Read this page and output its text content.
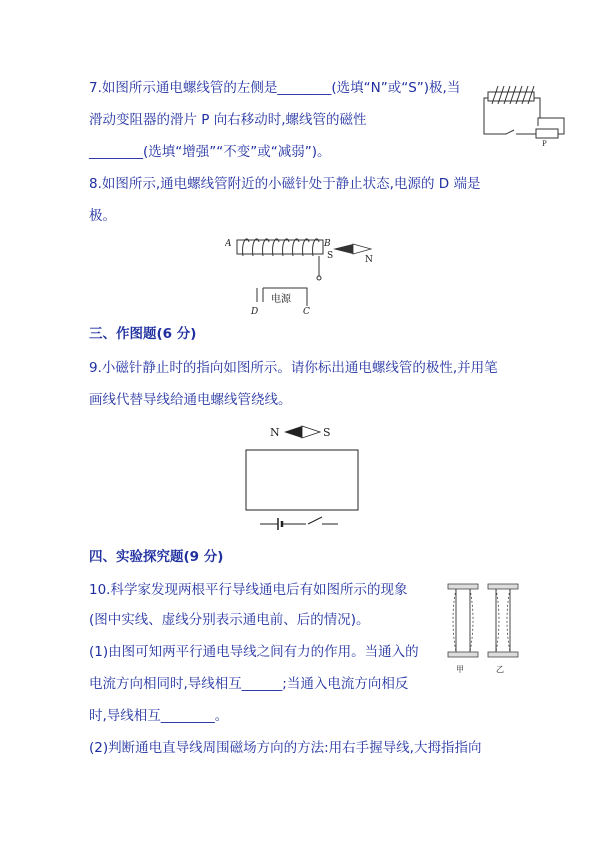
7.如图所示通电螺线管的左侧是________(选填“N”或“S”)极,当
滑动变阻器的滑片 P 向右移动时,螺线管的磁性
________(选填“增强”“不变”或“减弱”)。	P
8.如图所示,通电螺线管附近的小磁针处于静止状态,电源的 D 端是
极。
A	B
S	N
电源
D	C
三、作图题(6 分)
9.小磁针静止时的指向如图所示。请你标出通电螺线管的极性,并用笔
画线代替导线给通电螺线管绕线。
N	S
四、实验探究题(9 分)
10.科学家发现两根平行导线通电后有如图所示的现象
(图中实线、虚线分别表示通电前、后的情况)。
(1)由图可知两平行通电导线之间有力的作用。当通入的
电流方向相同时,导线相互______;当通入电流方向相反
时,导线相互________。
(2)判断通电直导线周围磁场方向的方法:用右手握导线,大拇指指向
甲	乙
